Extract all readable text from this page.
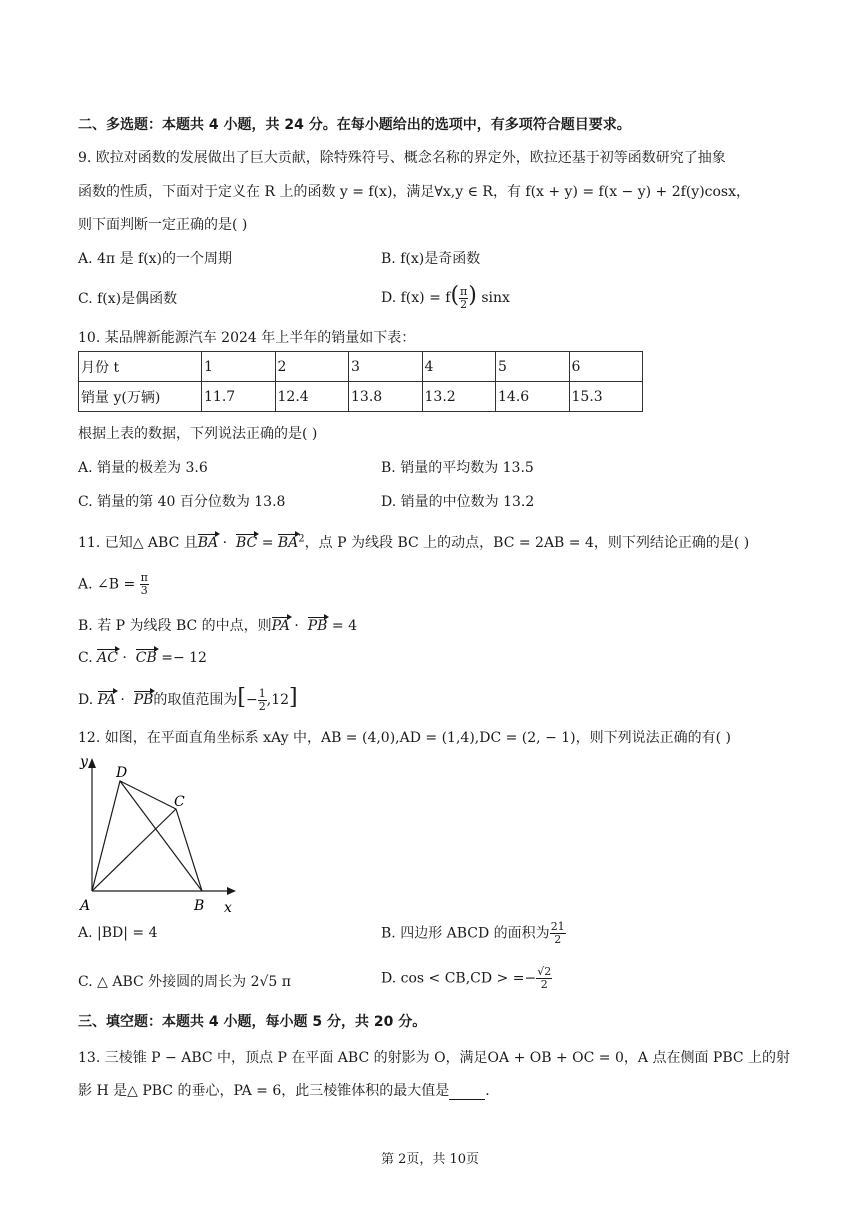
二、多选题：本题共 4 小题，共 24 分。在每小题给出的选项中，有多项符合题目要求。
9. 欧拉对函数的发展做出了巨大贡献，除特殊符号、概念名称的界定外，欧拉还基于初等函数研究了抽象
函数的性质，下面对于定义在 R 上的函数 y = f(x)，满足∀x,y ∈ R，有 f(x + y) = f(x − y) + 2f(y)cosx，
则下面判断一定正确的是( )
A. 4π 是 f(x)的一个周期	B. f(x)是奇函数
C. f(x)是偶函数	D. $f(x) = f( \frac{\pi}{2}$ ) sinx
10. 某品牌新能源汽车 2024 年上半年的销量如下表：
月份 t	1	2	3	4	5	6
销量 y(万辆)	11.7	12.4	13.8	13.2	14.6	15.3
根据上表的数据，下列说法正确的是( )
A. 销量的极差为 3.6	B. 销量的平均数为 13.5
C. 销量的第 40 百分位数为 13.8	D. 销量的中位数为 13.2
11. 已知△ ABC 且BA ·  BC = $BA^2$，点 P 为线段 BC 上的动点，BC = 2AB = 4，则下列结论正确的是( )
A. ∠B = $\frac{\pi}{3}$
B. 若 P 为线段 BC 的中点，则PA ·  PB = 4
C. AC ·  CB =− 12
D. PA ·  PB的取值范围为[− $\frac{1}{2} ,12$]
12. 如图，在平面直角坐标系 xAy 中，AB = (4,0),AD = (1,4),DC = (2, − 1)，则下列说法正确的有( )
y
x
A	B
C
D
A. |BD| = 4	B. 四边形 ABCD 的面积为 $\frac{21}{2}$
C. △ ABC 外接圆的周长为 2√5 π	D. cos < CB,CD > =− $\frac{√2}{2}$
三、填空题：本题共 4 小题，每小题 5 分，共 20 分。
13. 三棱锥 P − ABC 中，顶点 P 在平面 ABC 的射影为 O，满足OA + OB + OC = 0，A 点在侧面 PBC 上的射
影 H 是△ PBC 的垂心，PA = 6，此三棱锥体积的最大值是	.
第 2页，共 10页
